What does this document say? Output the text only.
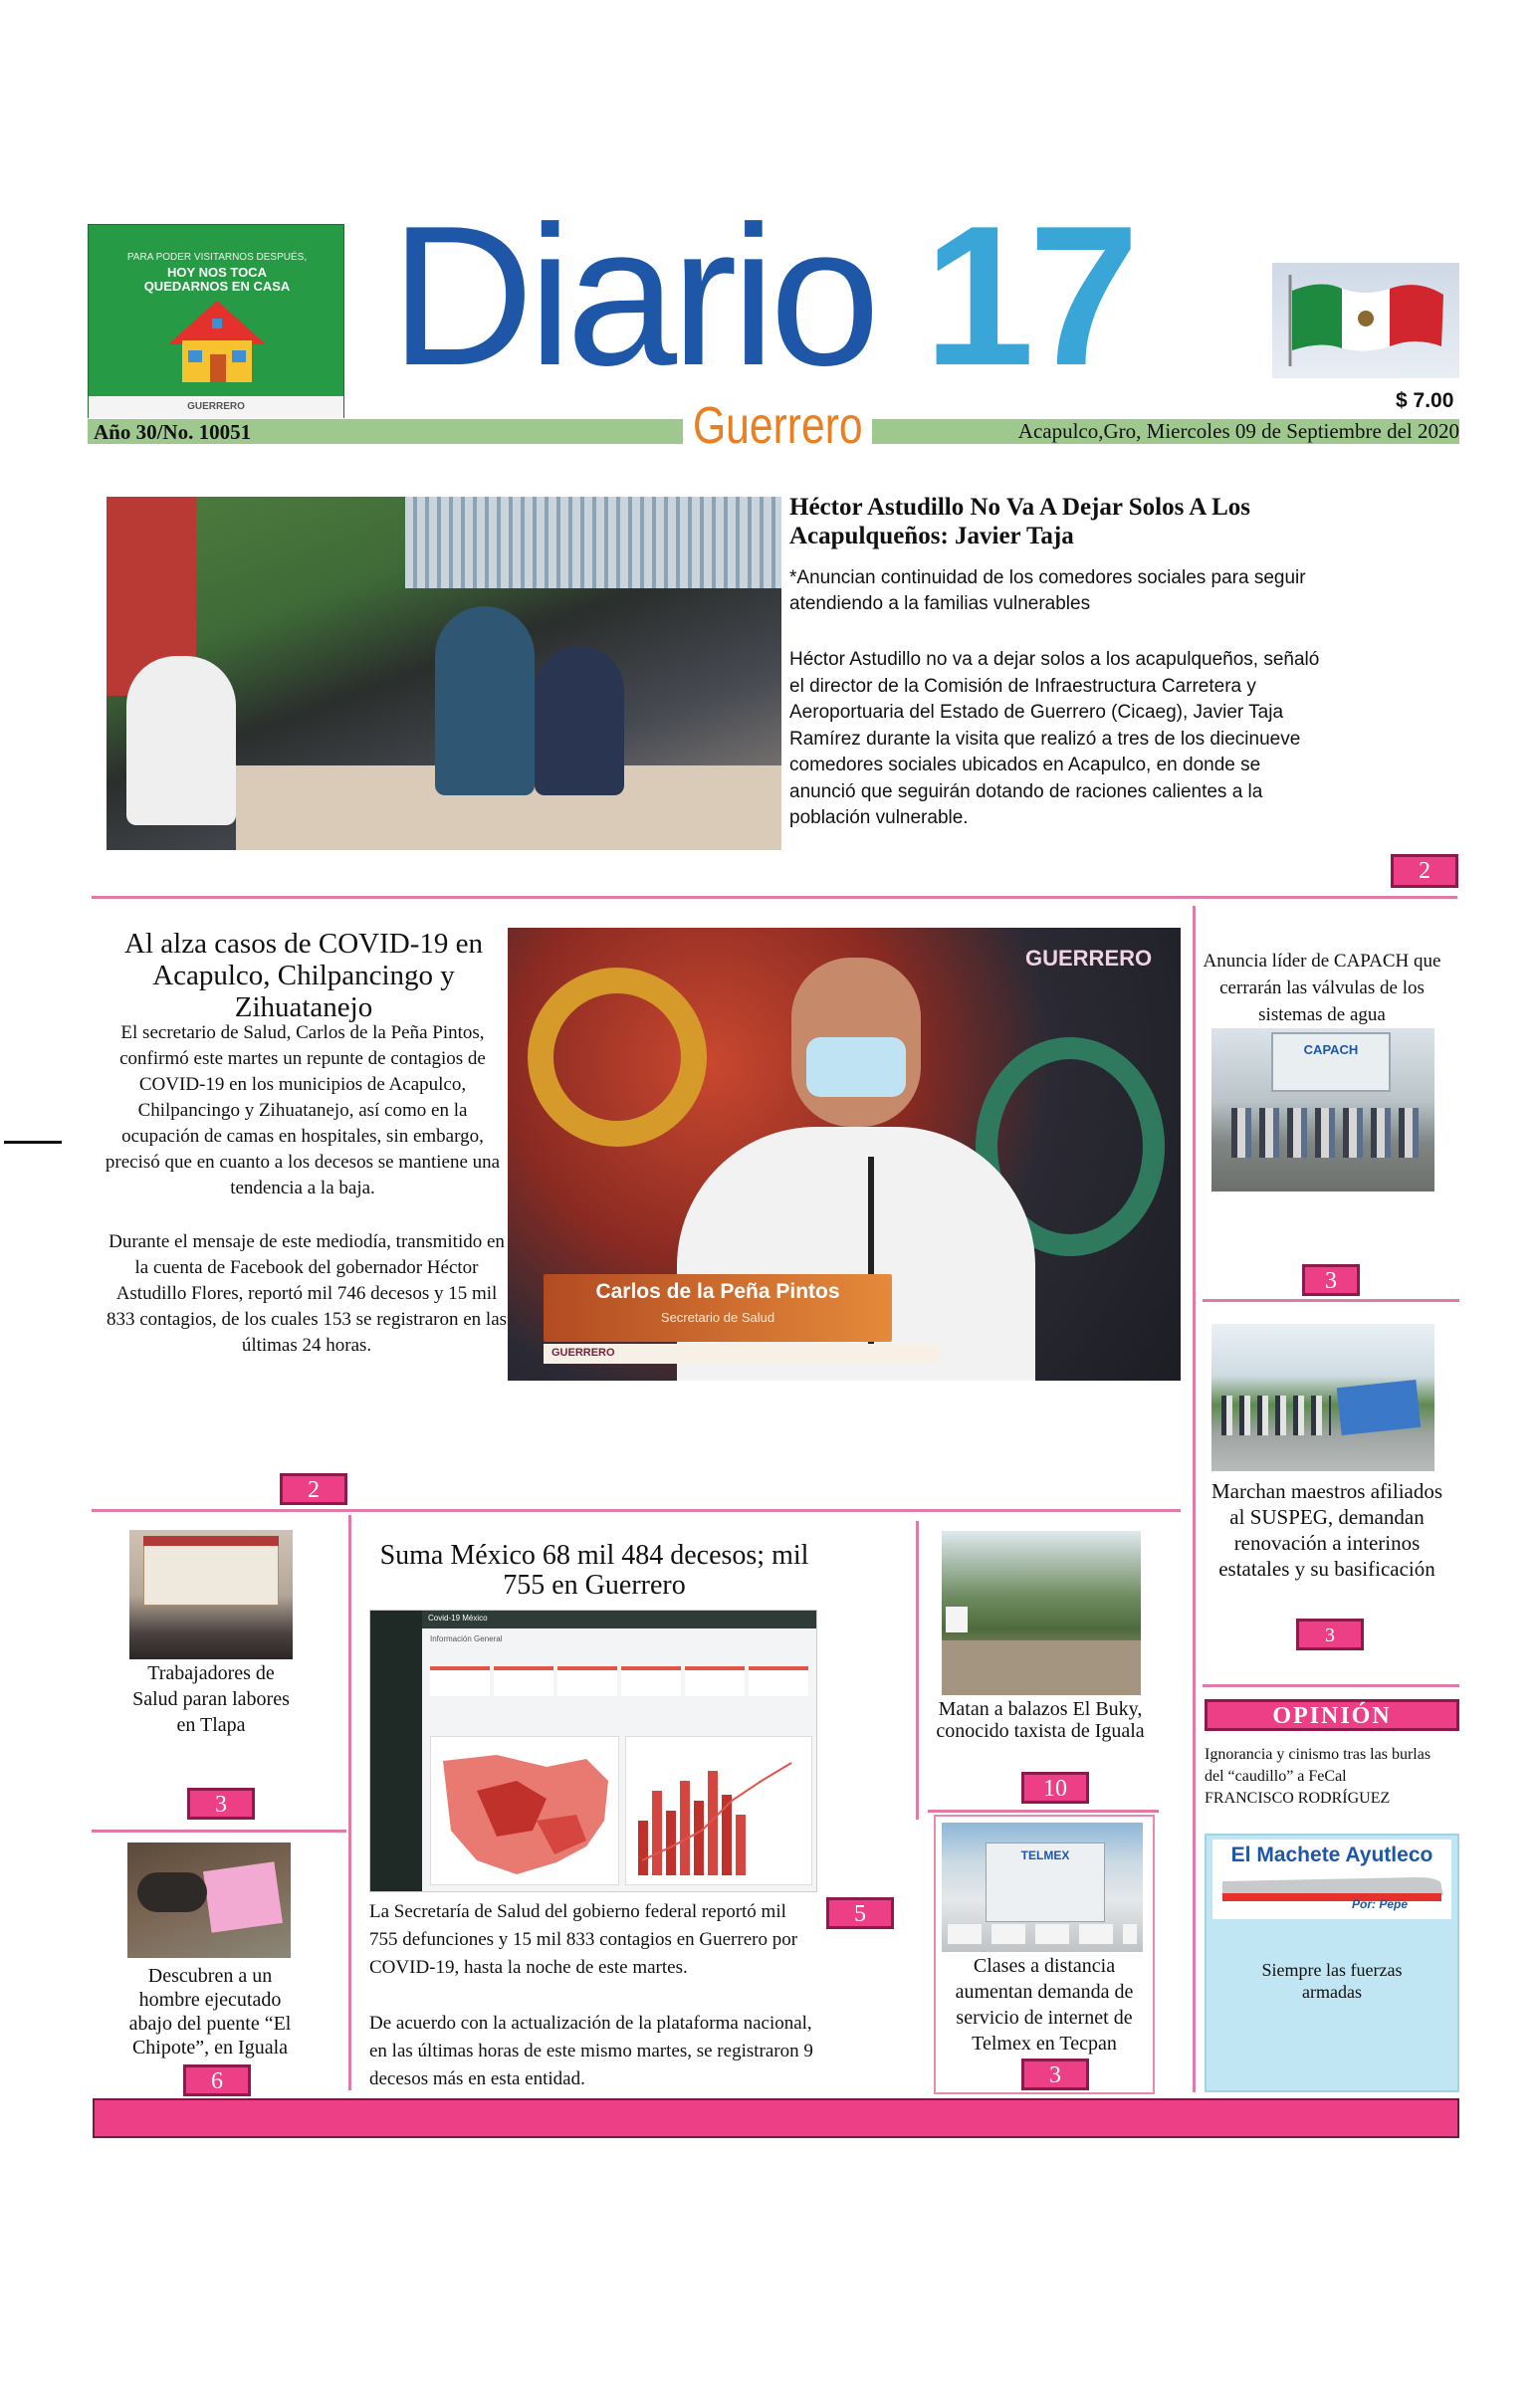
PARA PODER VISITARNOS DESPUÉS,
HOY NOS TOCA
QUEDARNOS EN CASA
GUERRERO Diario 17
Año 30/No. 10051	Guerrero	$ 7.00
Acapulco,Gro, Miercoles 09 de Septiembre del 2020
Héctor Astudillo No Va A Dejar Solos A Los Acapulqueños: Javier Taja
*Anuncian continuidad de los comedores sociales para seguir atendiendo a la familias vulnerables
Héctor Astudillo no va a dejar solos a los acapulqueños, señaló el director de la Comisión de Infraestructura Carretera y Aeroportuaria del Estado de Guerrero (Cicaeg), Javier Taja Ramírez durante la visita que realizó a tres de los diecinueve comedores sociales ubicados en Acapulco, en donde se anunció que seguirán dotando de raciones calientes a la población vulnerable.
2
Al alza casos de COVID-19 en Acapulco, Chilpancingo y Zihuatanejo
El secretario de Salud, Carlos de la Peña Pintos, confirmó este martes un repunte de contagios de COVID-19 en los municipios de Acapulco, Chilpancingo y Zihuatanejo, así como en la ocupación de camas en hospitales, sin embargo, precisó que en cuanto a los decesos se mantiene una tendencia a la baja.
Durante el mensaje de este mediodía, transmitido en la cuenta de Facebook del gobernador Héctor Astudillo Flores, reportó mil 746 decesos y 15 mil 833 contagios, de los cuales 153 se registraron en las últimas 24 horas.
GUERRERO
Carlos de la Peña Pintos
Secretario de Salud
GUERRERO
2
Anuncia líder de CAPACH que cerrarán las válvulas de los sistemas de agua
CAPACH
3
Marchan maestros afiliados al SUSPEG, demandan renovación a interinos estatales y su basificación
3
Trabajadores de Salud paran labores en Tlapa
3
Descubren a un hombre ejecutado abajo del puente “El Chipote”, en Iguala
6
Suma México 68 mil 484 decesos; mil 755 en Guerrero
Covid-19 México
Información General
La Secretaría de Salud del gobierno federal reportó mil 755 defunciones y 15 mil 833 contagios en Guerrero por COVID-19, hasta la noche de este martes.
De acuerdo con la actualización de la plataforma nacional, en las últimas horas de este mismo martes, se registraron 9 decesos más en esta entidad.
5
Matan a balazos El Buky, conocido taxista de Iguala
10
TELMEX
Clases a distancia aumentan demanda de servicio de internet de Telmex en Tecpan
3
OPINIÓN
Ignorancia y cinismo tras las burlas del “caudillo” a FeCal
FRANCISCO RODRÍGUEZ
El Machete Ayutleco
Por: Pepe
Siempre las fuerzas armadas
